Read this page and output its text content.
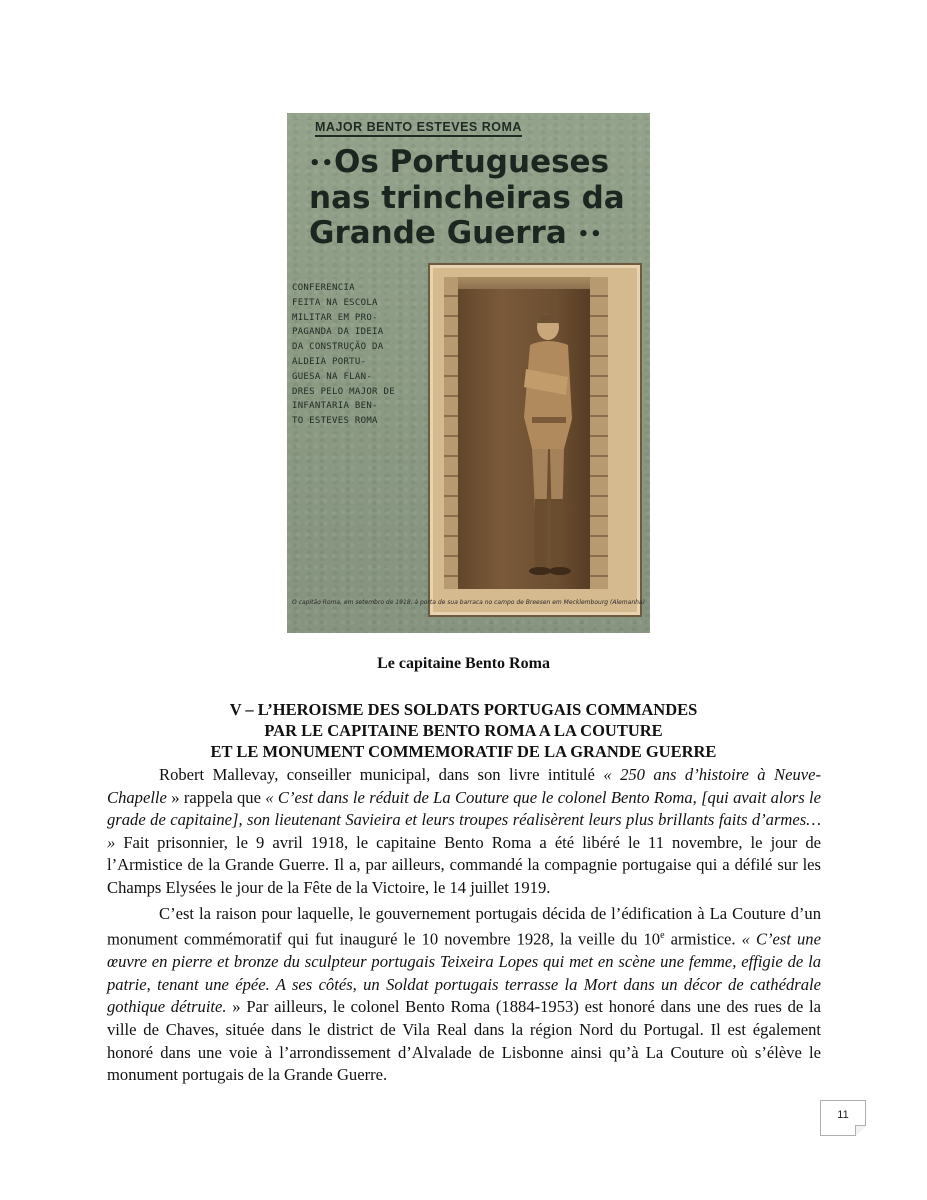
MAJOR BENTO ESTEVES ROMA
••Os Portugueses
nas trincheiras da
Grande Guerra ••
CONFERENCIA
FEITA NA ESCOLA
MILITAR EM PRO-
PAGANDA DA IDEIA
DA CONSTRUÇÃO DA
ALDEIA PORTU-
GUESA NA FLAN-
DRES PELO MAJOR DE
INFANTARIA BEN-
TO ESTEVES ROMA
O capitão Roma, em setembro de 1918, à porta de sua barraca no campo de Breesen em Mecklembourg (Alemanha)
Le capitaine Bento Roma
V – L’HEROISME DES SOLDATS PORTUGAIS COMMANDES
PAR LE CAPITAINE BENTO ROMA A LA COUTURE
ET LE MONUMENT COMMEMORATIF DE LA GRANDE GUERRE

Robert Mallevay, conseiller municipal, dans son livre intitulé « 250 ans d’histoire à Neuve-Chapelle » rappela que « C’est dans le réduit de La Couture que le colonel Bento Roma, [qui avait alors le grade de capitaine], son lieutenant Savieira et leurs troupes réalisèrent leurs plus brillants faits d’armes… » Fait prisonnier, le 9 avril 1918, le capitaine Bento Roma a été libéré le 11 novembre, le jour de l’Armistice de la Grande Guerre. Il a, par ailleurs, commandé la compagnie portugaise qui a défilé sur les Champs Elysées le jour de la Fête de la Victoire, le 14 juillet 1919.

C’est la raison pour laquelle, le gouvernement portugais décida de l’édification à La Couture d’un monument commémoratif qui fut inauguré le 10 novembre 1928, la veille du 10e armistice. « C’est une œuvre en pierre et bronze du sculpteur portugais Teixeira Lopes qui met en scène une femme, effigie de la patrie, tenant une épée. A ses côtés, un Soldat portugais terrasse la Mort dans un décor de cathédrale gothique détruite. » Par ailleurs, le colonel Bento Roma (1884-1953) est honoré dans une des rues de la ville de Chaves, située dans le district de Vila Real dans la région Nord du Portugal. Il est également honoré dans une voie à l’arrondissement d’Alvalade de Lisbonne ainsi qu’à La Couture où s’élève le monument portugais de la Grande Guerre.

11
